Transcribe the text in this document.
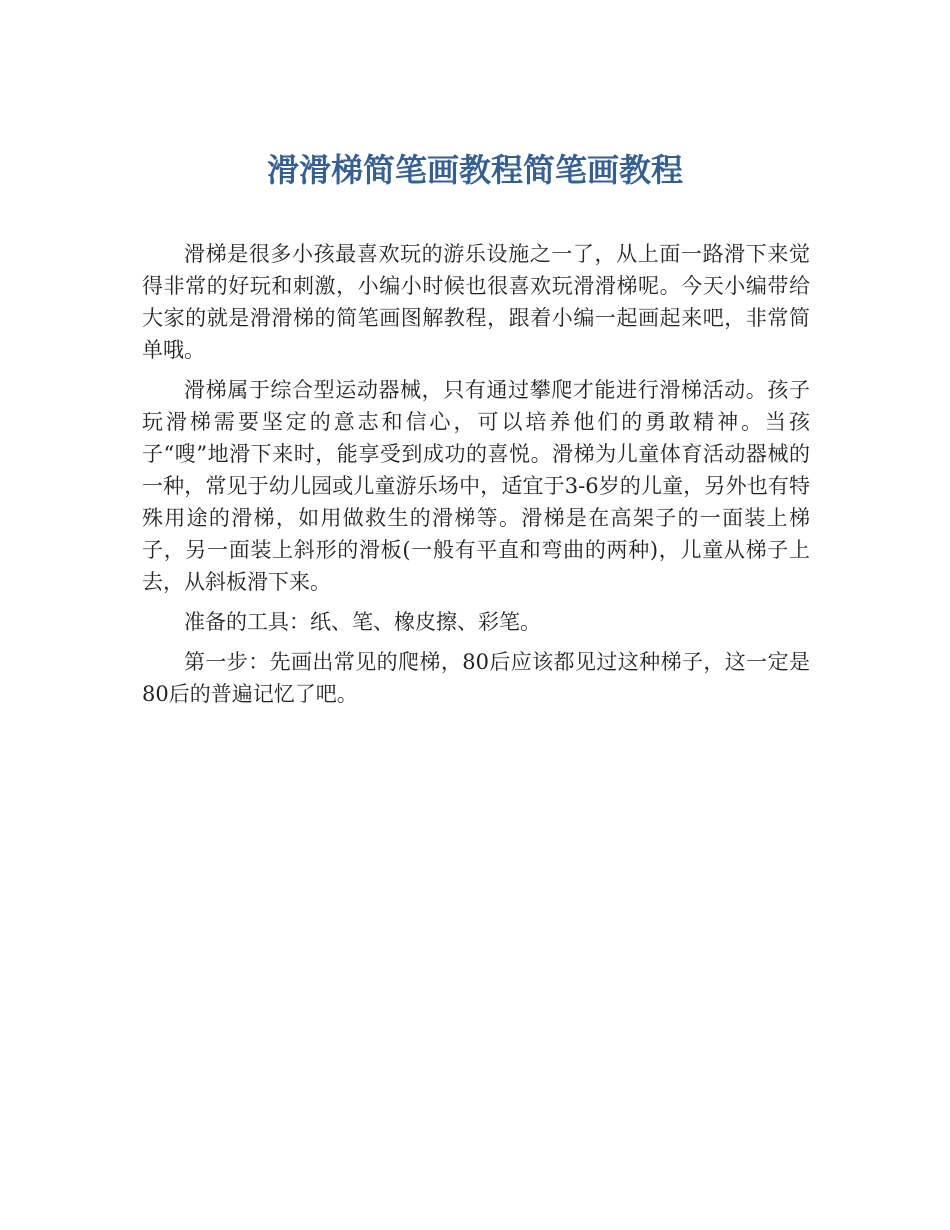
滑滑梯简笔画教程简笔画教程

滑梯是很多小孩最喜欢玩的游乐设施之一了，从上面一路滑下来觉得非常的好玩和刺激，小编小时候也很喜欢玩滑滑梯呢。今天小编带给大家的就是滑滑梯的简笔画图解教程，跟着小编一起画起来吧，非常简单哦。

滑梯属于综合型运动器械，只有通过攀爬才能进行滑梯活动。孩子玩滑梯需要坚定的意志和信心，可以培养他们的勇敢精神。当孩子“嗖”地滑下来时，能享受到成功的喜悦。滑梯为儿童体育活动器械的一种，常见于幼儿园或儿童游乐场中，适宜于3-6岁的儿童，另外也有特殊用途的滑梯，如用做救生的滑梯等。滑梯是在高架子的一面装上梯子，另一面装上斜形的滑板(一般有平直和弯曲的两种)，儿童从梯子上去，从斜板滑下来。

准备的工具：纸、笔、橡皮擦、彩笔。

第一步：先画出常见的爬梯，80后应该都见过这种梯子，这一定是80后的普遍记忆了吧。
